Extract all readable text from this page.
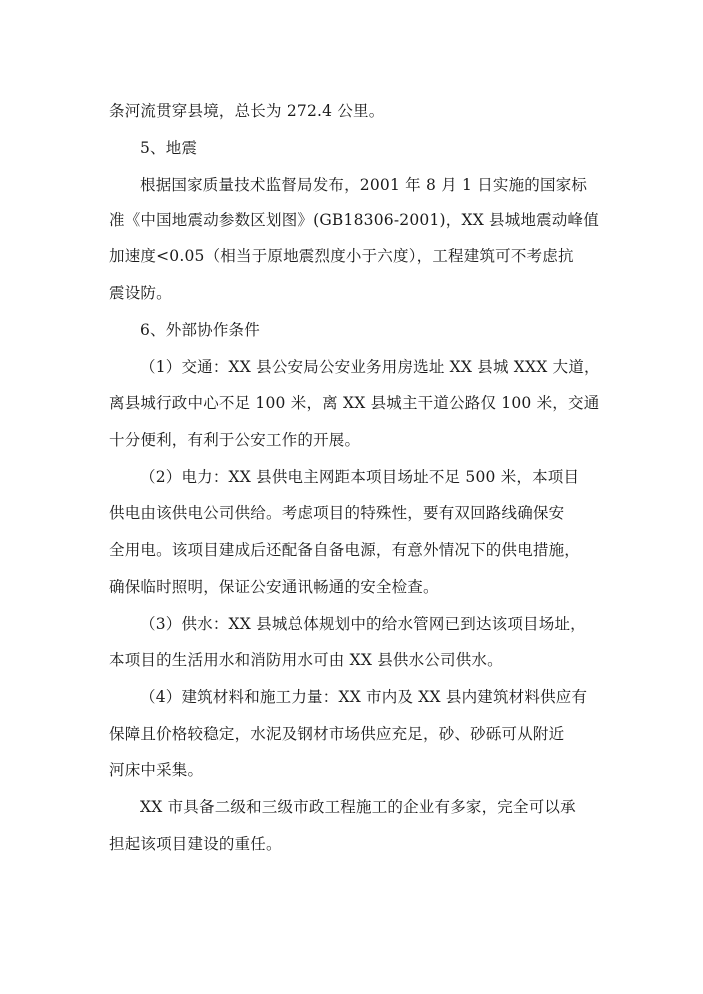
条河流贯穿县境，总长为 272.4 公里。
5、地震
根据国家质量技术监督局发布，2001 年 8 月 1 日实施的国家标
准《中国地震动参数区划图》(GB18306-2001)，XX 县城地震动峰值
加速度<0.05（相当于原地震烈度小于六度），工程建筑可不考虑抗
震设防。
6、外部协作条件
（1）交通：XX 县公安局公安业务用房选址 XX 县城 XXX 大道，
离县城行政中心不足 100 米，离 XX 县城主干道公路仅 100 米，交通
十分便利，有利于公安工作的开展。
（2）电力：XX 县供电主网距本项目场址不足 500 米，本项目
供电由该供电公司供给。考虑项目的特殊性，要有双回路线确保安
全用电。该项目建成后还配备自备电源，有意外情况下的供电措施，
确保临时照明，保证公安通讯畅通的安全检查。
（3）供水：XX 县城总体规划中的给水管网已到达该项目场址，
本项目的生活用水和消防用水可由 XX 县供水公司供水。
（4）建筑材料和施工力量：XX 市内及 XX 县内建筑材料供应有
保障且价格较稳定，水泥及钢材市场供应充足，砂、砂砾可从附近
河床中采集。
XX 市具备二级和三级市政工程施工的企业有多家，完全可以承
担起该项目建设的重任。
